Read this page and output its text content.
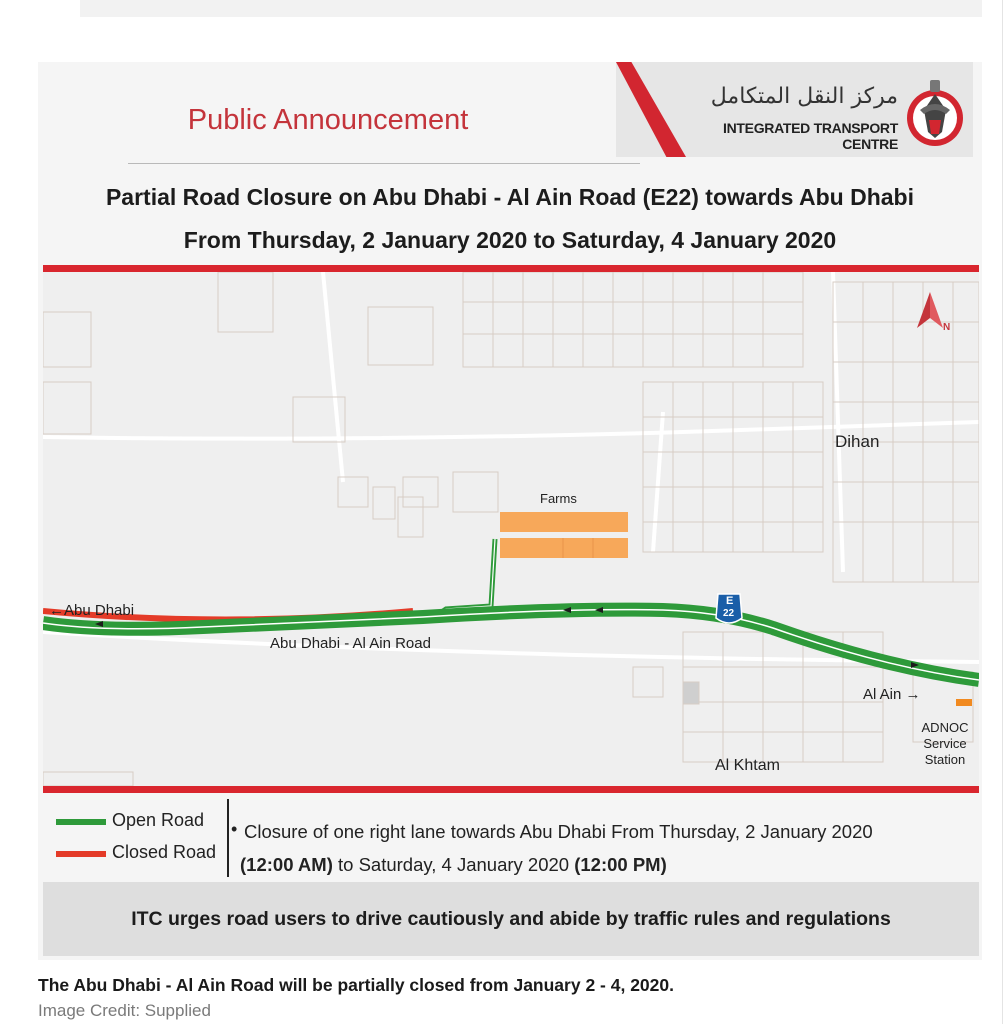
Public Announcement
مركز النقل المتكامل
INTEGRATED TRANSPORT CENTRE
Partial Road Closure on Abu Dhabi - Al Ain Road (E22) towards Abu Dhabi
From Thursday, 2 January 2020 to Saturday, 4 January 2020
N
E
22
←Abu Dhabi
Abu Dhabi - Al Ain Road
Farms
Dihan
Al Ain →
Al Khtam
ADNOC
Service
Station
Open Road
Closed Road
• Closure of one right lane towards Abu Dhabi From Thursday, 2 January 2020
(12:00 AM) to Saturday, 4 January 2020 (12:00 PM)
ITC urges road users to drive cautiously and abide by traffic rules and regulations
The Abu Dhabi - Al Ain Road will be partially closed from January 2 - 4, 2020.
Image Credit: Supplied
